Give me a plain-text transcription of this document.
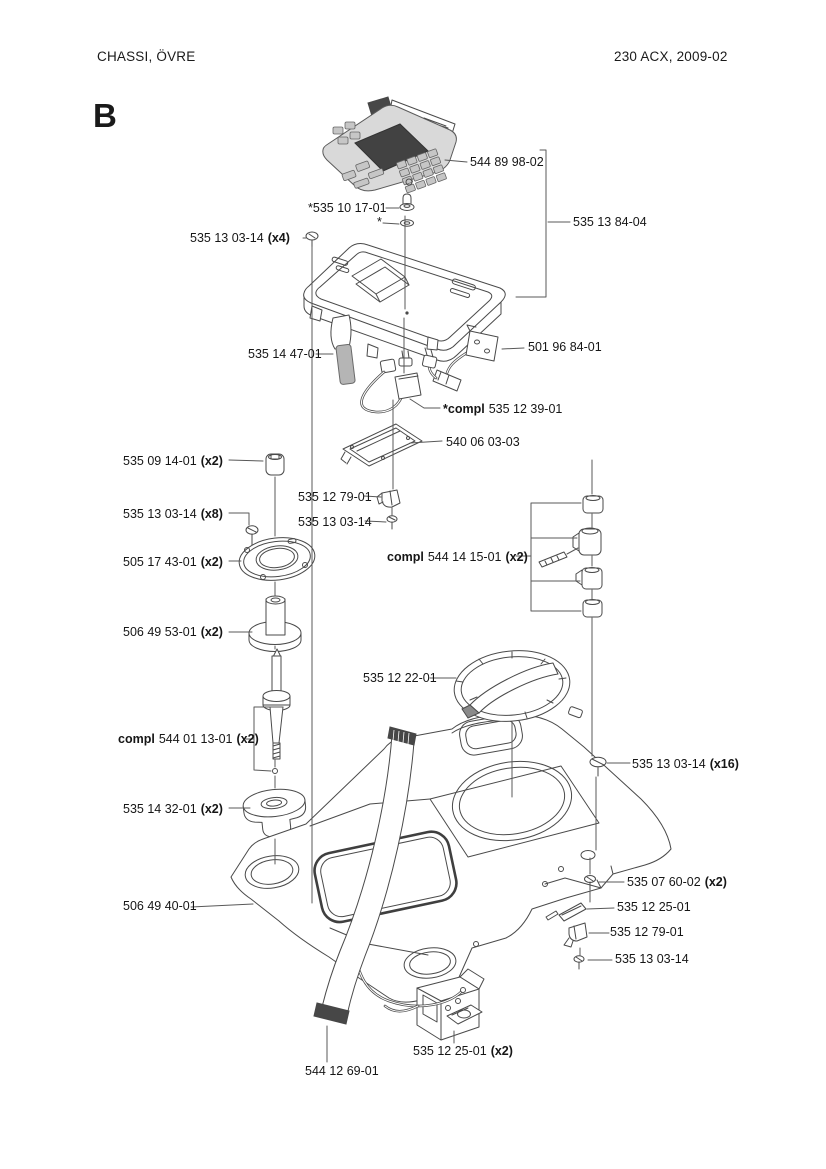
CHASSI, ÖVRE	230 ACX, 2009-02
B
544 89 98-02
*535 10 17-01
*	535 13 84-04
535 13 03-14 (x4)
535 14 47-01	501 96 84-01
*compl 535 12 39-01
540 06 03-03
535 09 14-01 (x2)
535 12 79-01
535 13 03-14
535 13 03-14 (x8)
505 17 43-01 (x2)	compl 544 14 15-01 (x2)
506 49 53-01 (x2)
535 12 22-01
compl 544 01 13-01 (x2)
535 13 03-14 (x16)
535 14 32-01 (x2)
535 07 60-02 (x2)
506 49 40-01	535 12 25-01
535 12 79-01
535 13 03-14
535 12 25-01 (x2)
544 12 69-01
